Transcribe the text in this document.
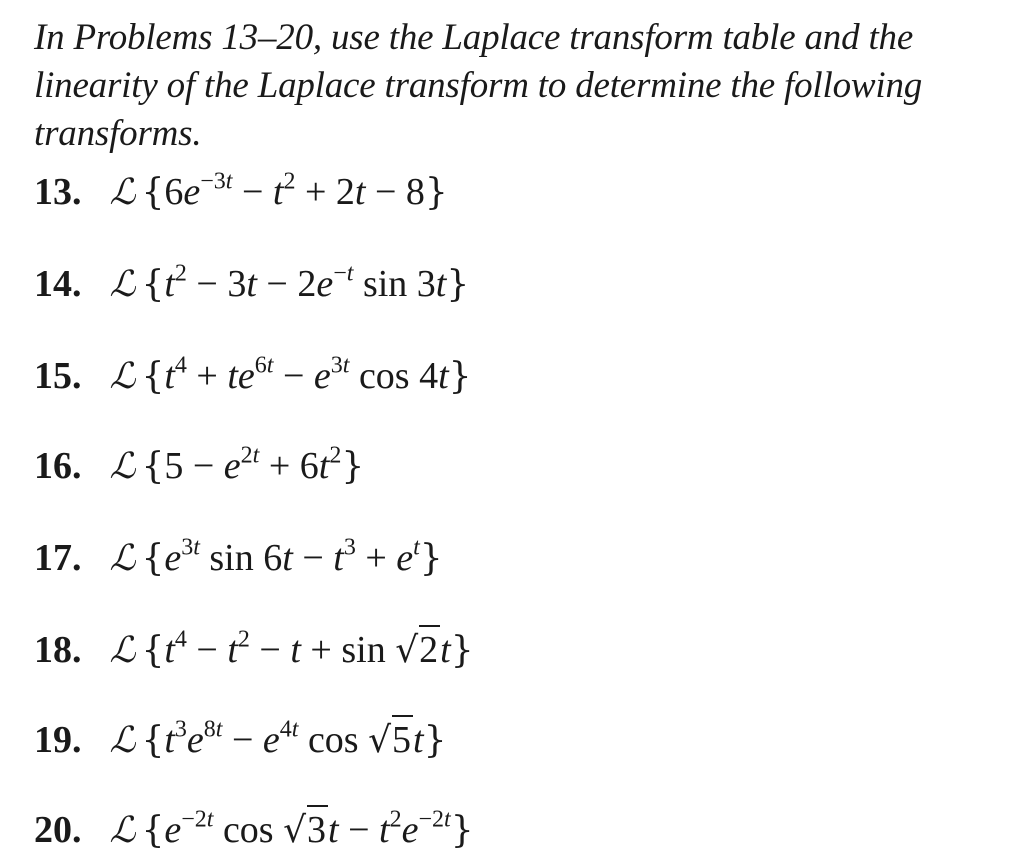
In Problems 13–20, use the Laplace transform table and the linearity of the Laplace transform to determine the following transforms.
13. ℒ $\{6e^{-3t} - t^2 + 2t - 8\}$
14. ℒ {$t^2 - 3t - 2e^{-t}$ sin 3t}
15. ℒ {$t^4 + te^{6t} - e^{3t}$ cos 4t}
16. ℒ $\{5 - e^{2t} + 6t^2\}$
17. ℒ {$e^{3t}$ $\sin 6t - t^3 + e^t$}
18. ℒ $\{t^4 - t^2 - t + \sin √2t\}$
19. ℒ {$t^3e^{8t} - e^{4t}$ cos √5t}
20. ℒ {$e^{-2t}$ $\cos √3t - t^2e^{-2t}$}
